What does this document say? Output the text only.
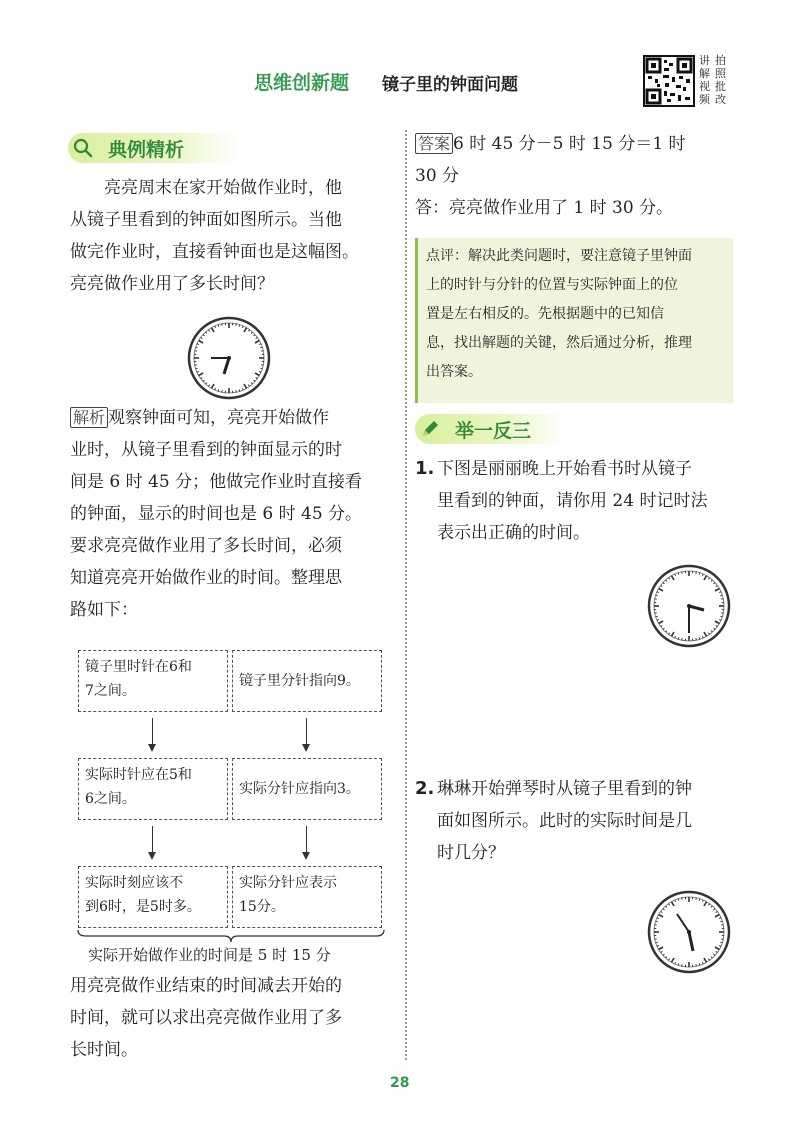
思维创新题 镜子里的钟面问题
讲 拍
解 照
视 批
频 改
典例精析
亮亮周末在家开始做作业时，他
从镜子里看到的钟面如图所示。当他
做完作业时，直接看钟面也是这幅图。
亮亮做作业用了多长时间？
解析 观察钟面可知，亮亮开始做作
业时，从镜子里看到的钟面显示的时
间是 6 时 45 分；他做完作业时直接看
的钟面，显示的时间也是 6 时 45 分。
要求亮亮做作业用了多长时间，必须
知道亮亮开始做作业的时间。整理思
路如下：
镜子里时针在6和
7之间。
镜子里分针指向9。
实际时针应在5和
6之间。
实际分针应指向3。
实际时刻应该不
到6时，是5时多。
实际分针应表示
15分。
实际开始做作业的时间是 5 时 15 分
用亮亮做作业结束的时间减去开始的
时间，就可以求出亮亮做作业用了多
长时间。
答案 6 时 45 分－5 时 15 分＝1 时
30 分
答：亮亮做作业用了 1 时 30 分。
点评：解决此类问题时，要注意镜子里钟面
上的时针与分针的位置与实际钟面上的位
置是左右相反的。先根据题中的已知信
息，找出解题的关键，然后通过分析，推理
出答案。
举一反三
1. 下图是丽丽晚上开始看书时从镜子
里看到的钟面，请你用 24 时记时法
表示出正确的时间。
2. 琳琳开始弹琴时从镜子里看到的钟
面如图所示。此时的实际时间是几
时几分？
28
